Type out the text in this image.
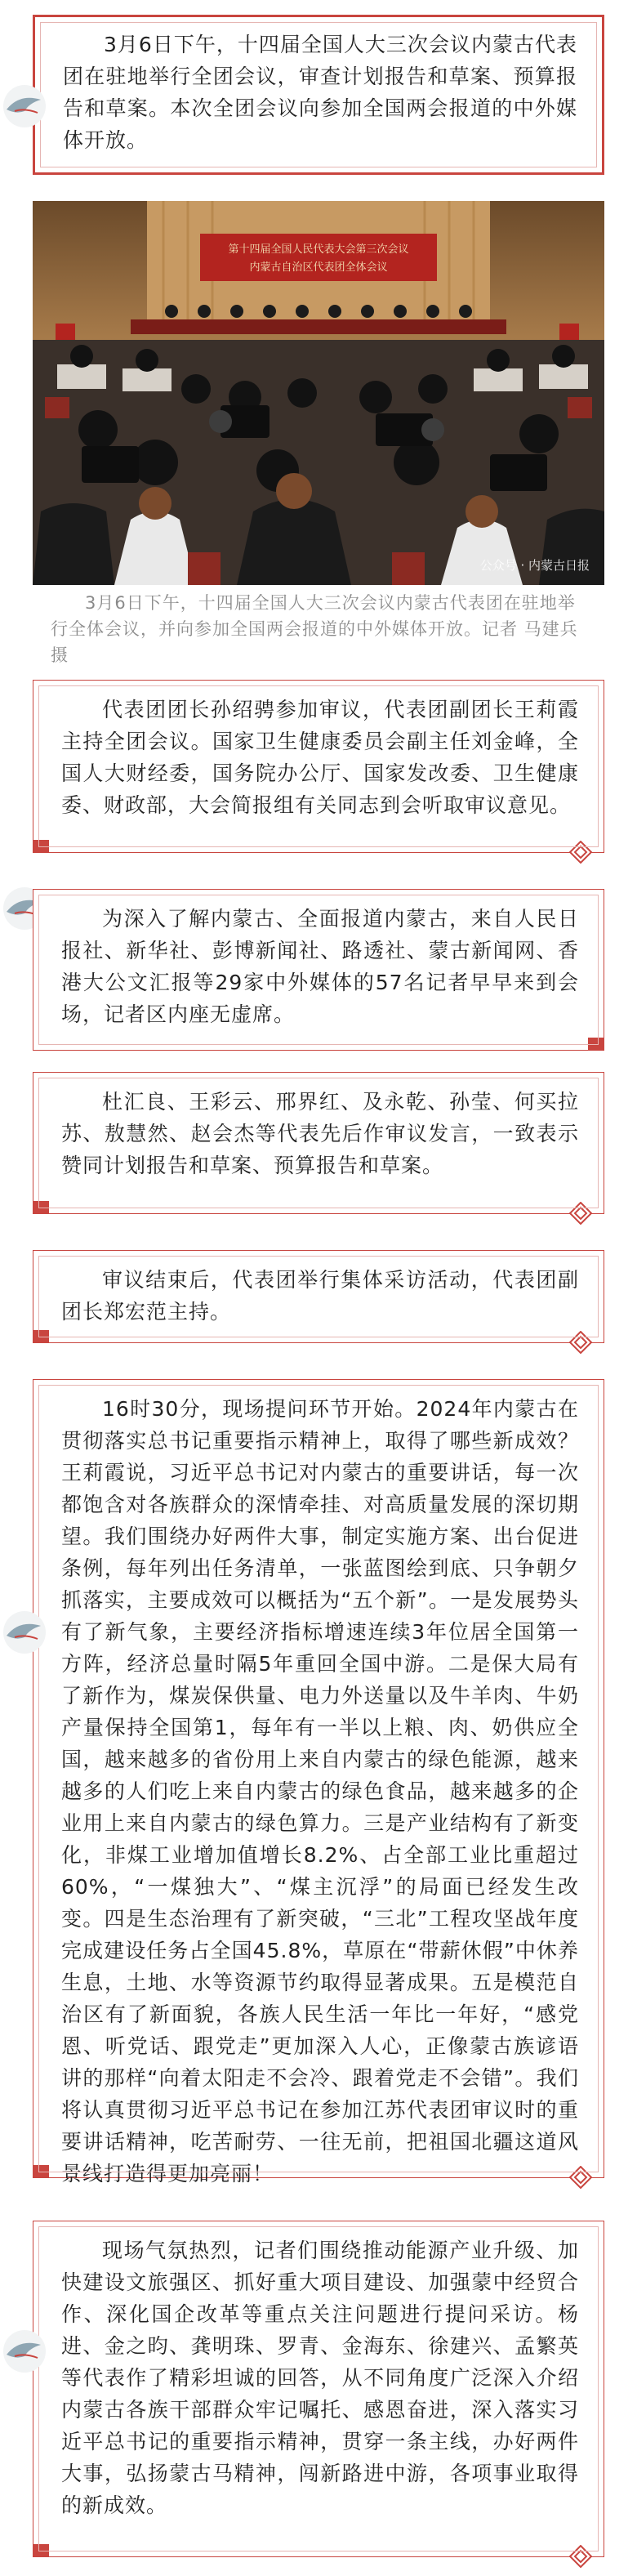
3月6日下午，十四届全国人大三次会议内蒙古代表团在驻地举行全团会议，审查计划报告和草案、预算报告和草案。本次全团会议向参加全国两会报道的中外媒体开放。
第十四届全国人民代表大会第三次会议
内蒙古自治区代表团全体会议
公众号 · 内蒙古日报
3月6日下午，十四届全国人大三次会议内蒙古代表团在驻地举行全体会议，并向参加全国两会报道的中外媒体开放。记者 马建兵 摄
代表团团长孙绍骋参加审议，代表团副团长王莉霞主持全团会议。国家卫生健康委员会副主任刘金峰，全国人大财经委，国务院办公厅、国家发改委、卫生健康委、财政部，大会简报组有关同志到会听取审议意见。
为深入了解内蒙古、全面报道内蒙古，来自人民日报社、新华社、彭博新闻社、路透社、蒙古新闻网、香港大公文汇报等29家中外媒体的57名记者早早来到会场，记者区内座无虚席。
杜汇良、王彩云、邢界红、及永乾、孙莹、何买拉苏、敖慧然、赵会杰等代表先后作审议发言，一致表示赞同计划报告和草案、预算报告和草案。
审议结束后，代表团举行集体采访活动，代表团副团长郑宏范主持。
16时30分，现场提问环节开始。2024年内蒙古在贯彻落实总书记重要指示精神上，取得了哪些新成效？王莉霞说，习近平总书记对内蒙古的重要讲话，每一次都饱含对各族群众的深情牵挂、对高质量发展的深切期望。我们围绕办好两件大事，制定实施方案、出台促进条例，每年列出任务清单，一张蓝图绘到底、只争朝夕抓落实，主要成效可以概括为“五个新”。一是发展势头有了新气象，主要经济指标增速连续3年位居全国第一方阵，经济总量时隔5年重回全国中游。二是保大局有了新作为，煤炭保供量、电力外送量以及牛羊肉、牛奶产量保持全国第1，每年有一半以上粮、肉、奶供应全国，越来越多的省份用上来自内蒙古的绿色能源，越来越多的人们吃上来自内蒙古的绿色食品，越来越多的企业用上来自内蒙古的绿色算力。三是产业结构有了新变化，非煤工业增加值增长8.2%、占全部工业比重超过60%，“一煤独大”、“煤主沉浮”的局面已经发生改变。四是生态治理有了新突破，“三北”工程攻坚战年度完成建设任务占全国45.8%，草原在“带薪休假”中休养生息，土地、水等资源节约取得显著成果。五是模范自治区有了新面貌，各族人民生活一年比一年好，“感党恩、听党话、跟党走”更加深入人心，正像蒙古族谚语讲的那样“向着太阳走不会冷、跟着党走不会错”。我们将认真贯彻习近平总书记在参加江苏代表团审议时的重要讲话精神，吃苦耐劳、一往无前，把祖国北疆这道风景线打造得更加亮丽！
现场气氛热烈，记者们围绕推动能源产业升级、加快建设文旅强区、抓好重大项目建设、加强蒙中经贸合作、深化国企改革等重点关注问题进行提问采访。杨进、金之昀、龚明珠、罗青、金海东、徐建兴、孟繁英等代表作了精彩坦诚的回答，从不同角度广泛深入介绍内蒙古各族干部群众牢记嘱托、感恩奋进，深入落实习近平总书记的重要指示精神，贯穿一条主线，办好两件大事，弘扬蒙古马精神，闯新路进中游，各项事业取得的新成效。
